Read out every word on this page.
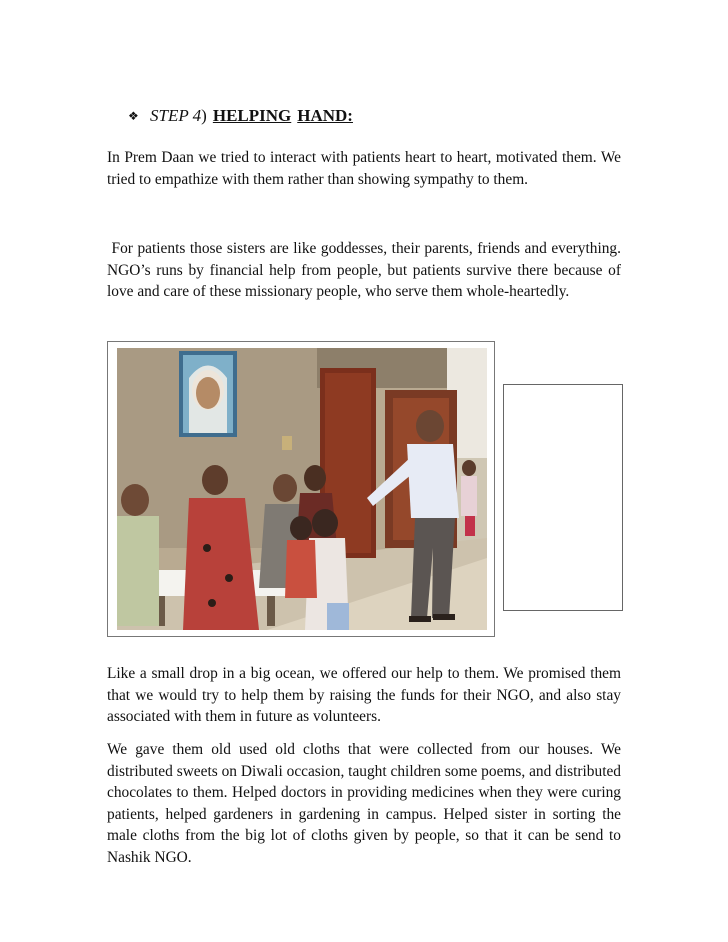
❖ STEP 4 ) HELPING HAND:

In Prem Daan we tried to interact with patients heart to heart, motivated them. We tried to empathize with them rather than showing sympathy to them.

For patients those sisters are like goddesses, their parents, friends and everything. NGO’s runs by financial help from people, but patients survive there because of love and care of these missionary people, who serve them whole-heartedly.

Like a small drop in a big ocean, we offered our help to them. We promised them that we would try to help them by raising the funds for their NGO, and also stay associated with them in future as volunteers.

We gave them old used old cloths that were collected from our houses. We distributed sweets on Diwali occasion, taught children some poems, and distributed chocolates to them. Helped doctors in providing medicines when they were curing patients, helped gardeners in gardening in campus. Helped sister in sorting the male cloths from the big lot of cloths given by people, so that it can be send to Nashik NGO.
